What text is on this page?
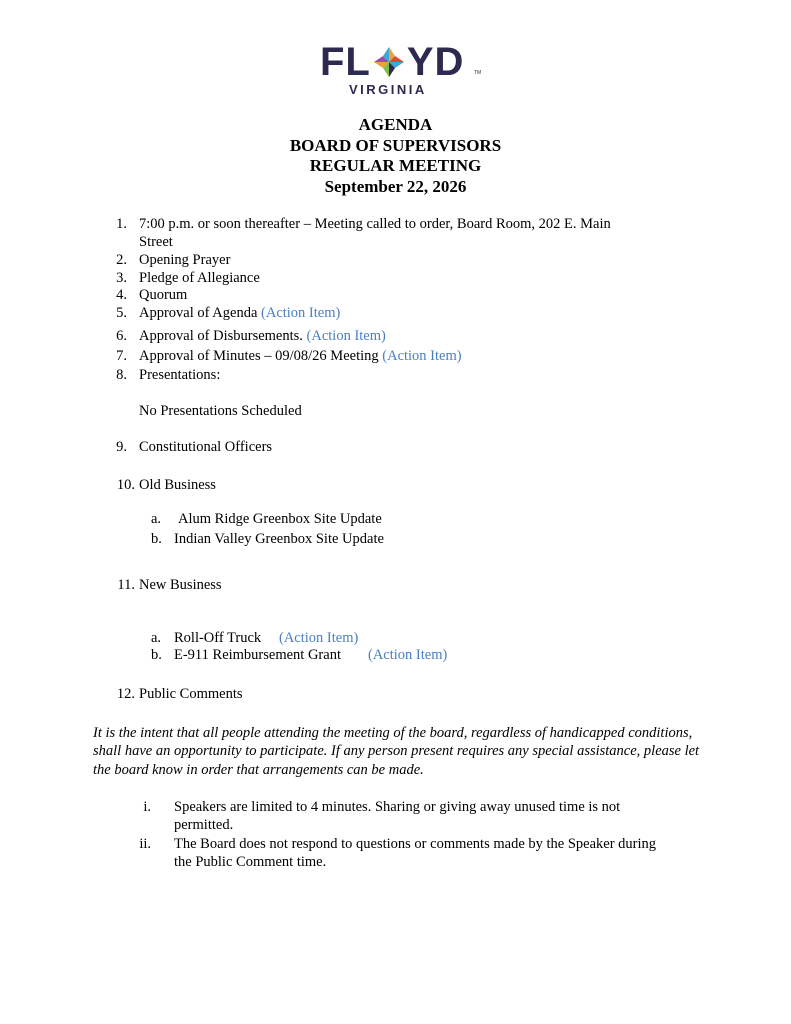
FL YD TM
VIRGINIA
AGENDA
BOARD OF SUPERVISORS
REGULAR MEETING
September 22, 2026
1. 7:00 p.m. or soon thereafter – Meeting called to order, Board Room, 202 E. Main
Street
2. Opening Prayer
3. Pledge of Allegiance
4. Quorum
5. Approval of Agenda (Action Item)
6. Approval of Disbursements. (Action Item)
7. Approval of Minutes – 09/08/26 Meeting (Action Item)
8. Presentations:
No Presentations Scheduled
9. Constitutional Officers
10. Old Business
a. Alum Ridge Greenbox Site Update
b. Indian Valley Greenbox Site Update
11. New Business
a. Roll-Off Truck (Action Item)
b. E-911 Reimbursement Grant (Action Item)
12. Public Comments
It is the intent that all people attending the meeting of the board, regardless of handicapped conditions, shall have an opportunity to participate. If any person present requires any special assistance, please let the board know in order that arrangements can be made.
i. Speakers are limited to 4 minutes. Sharing or giving away unused time is not
permitted.
ii. The Board does not respond to questions or comments made by the Speaker during
the Public Comment time.
